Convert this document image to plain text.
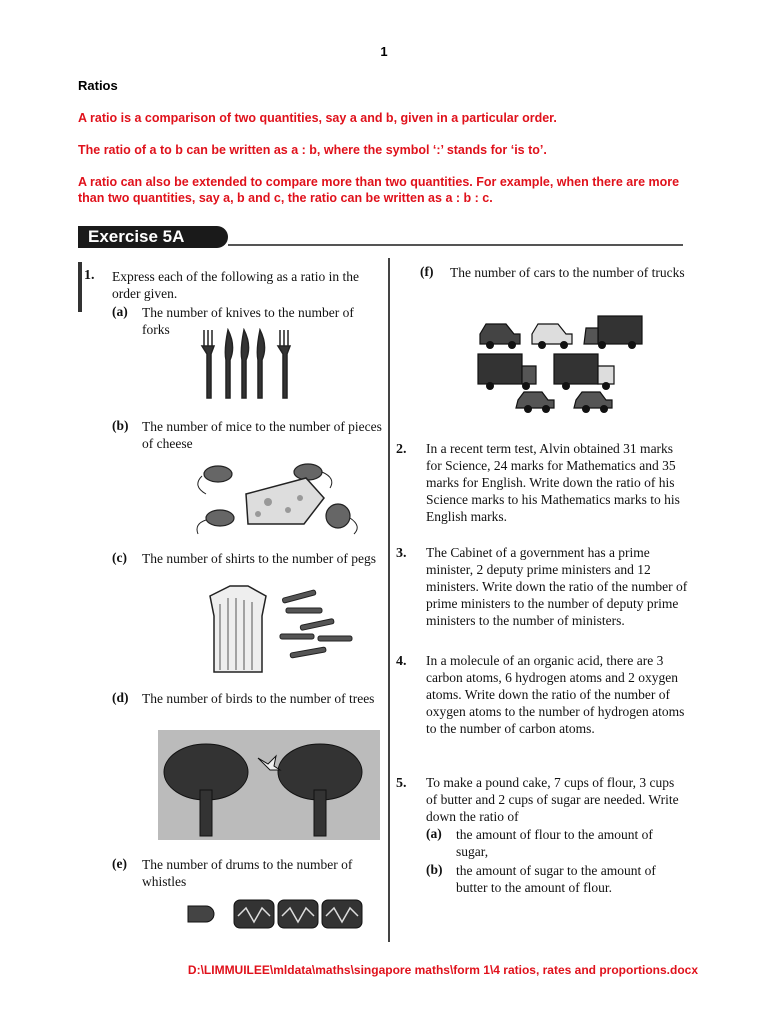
1
Ratios
A ratio is a comparison of two quantities, say a and b, given in a particular order.
The ratio of a to b can be written as a : b, where the symbol ‘:’ stands for ‘is to’.
A ratio can also be extended to compare more than two quantities. For example, when there are more than two quantities, say a, b and c, the ratio can be written as a : b : c.
Exercise 5A
1. Express each of the following as a ratio in the order given.
(a) The number of knives to the number of forks
(b) The number of mice to the number of pieces of cheese
(c) The number of shirts to the number of pegs
(d) The number of birds to the number of trees
(e) The number of drums to the number of whistles
(f) The number of cars to the number of trucks
2. In a recent term test, Alvin obtained 31 marks for Science, 24 marks for Mathematics and 35 marks for English. Write down the ratio of his Science marks to his Mathematics marks to his English marks.
3. The Cabinet of a government has a prime minister, 2 deputy prime ministers and 12 ministers. Write down the ratio of the number of prime ministers to the number of deputy prime ministers to the number of ministers.
4. In a molecule of an organic acid, there are 3 carbon atoms, 6 hydrogen atoms and 2 oxygen atoms. Write down the ratio of the number of oxygen atoms to the number of hydrogen atoms to the number of carbon atoms.
5. To make a pound cake, 7 cups of flour, 3 cups of butter and 2 cups of sugar are needed. Write down the ratio of
(a) the amount of flour to the amount of sugar,
(b) the amount of sugar to the amount of butter to the amount of flour.
D:\LIMMUILEE\mldata\maths\singapore maths\form 1\4 ratios, rates and proportions.docx
